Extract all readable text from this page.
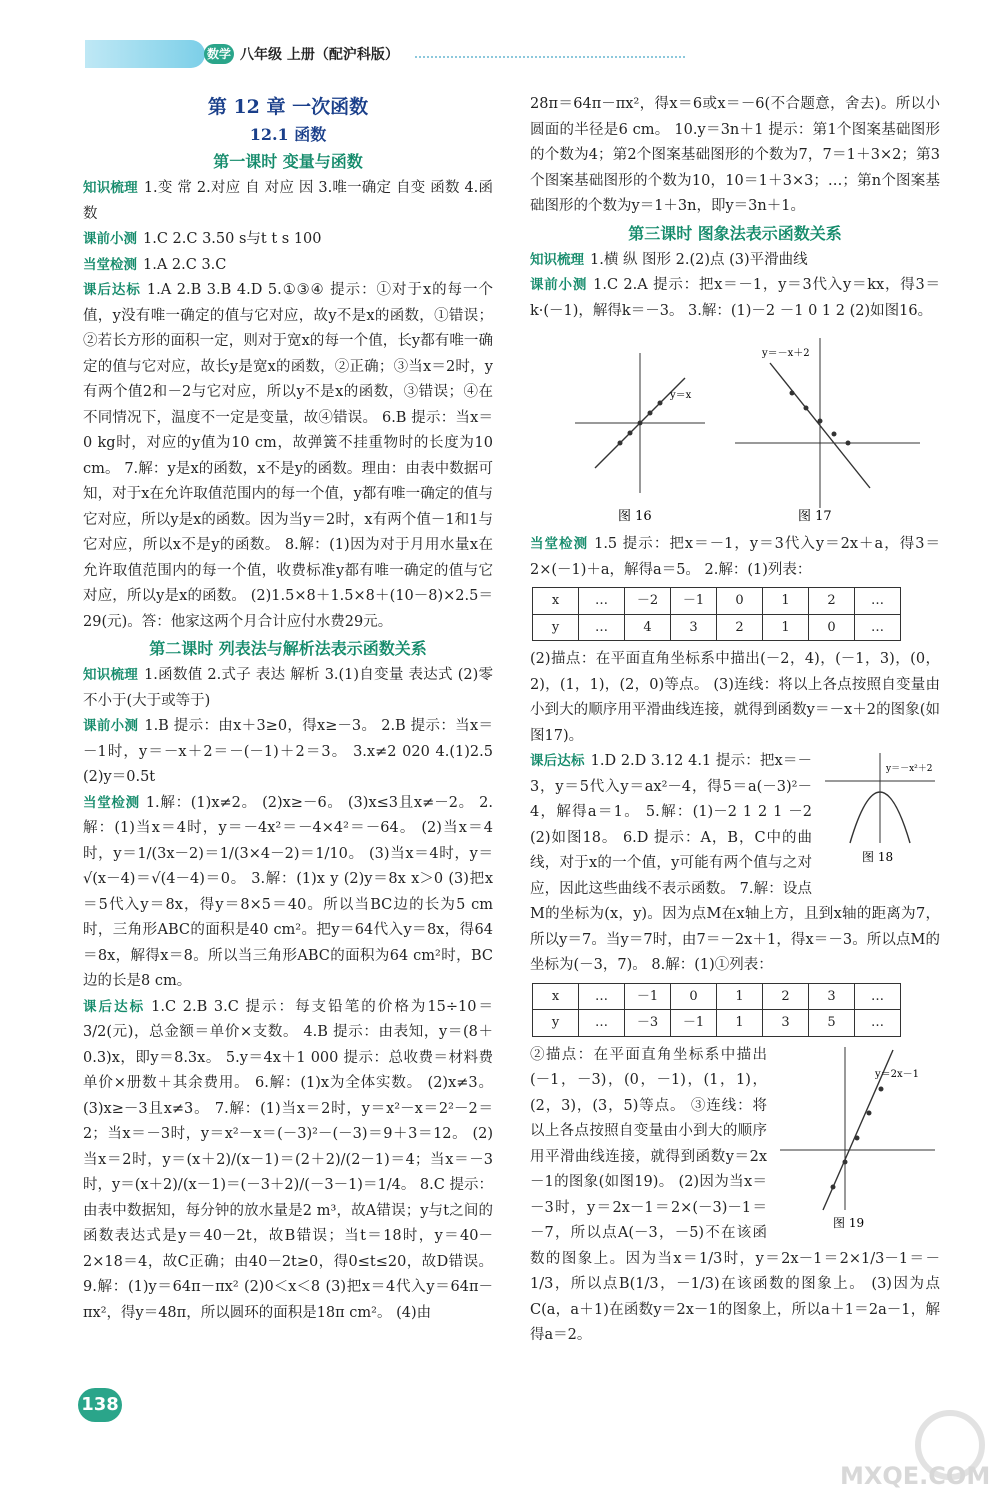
数学 八年级 上册（配沪科版）
第 12 章 一次函数
12.1 函数
第一课时 变量与函数

知识梳理 1.变 常 2.对应 自 对应 因 3.唯一确定 自变 函数 4.函数

课前小测 1.C 2.C 3.50 s与t t s 100

当堂检测 1.A 2.C 3.C

课后达标 1.A 2.B 3.B 4.D 5.①③④ 提示：①对于x的每一个值，y没有唯一确定的值与它对应，故y不是x的函数，①错误；②若长方形的面积一定，则对于宽x的每一个值，长y都有唯一确定的值与它对应，故长y是宽x的函数，②正确；③当x＝2时，y有两个值2和－2与它对应，所以y不是x的函数，③错误；④在不同情况下，温度不一定是变量，故④错误。 6.B 提示：当x＝0 kg时，对应的y值为10 cm，故弹簧不挂重物时的长度为10 cm。 7.解：y是x的函数，x不是y的函数。理由：由表中数据可知，对于x在允许取值范围内的每一个值，y都有唯一确定的值与它对应，所以y是x的函数。因为当y＝2时，x有两个值－1和1与它对应，所以x不是y的函数。 8.解：(1)因为对于月用水量x在允许取值范围内的每一个值，收费标准y都有唯一确定的值与它对应，所以y是x的函数。 (2)1.5×8＋1.5×8＋(10－8)×2.5＝29(元)。答：他家这两个月合计应付水费29元。

第二课时 列表法与解析法表示函数关系

知识梳理 1.函数值 2.式子 表达 解析 3.(1)自变量 表达式 (2)零 不小于(大于或等于)

课前小测 1.B 提示：由x＋3≥0，得x≥－3。 2.B 提示：当x＝－1时，y＝－x＋2＝－(－1)＋2＝3。 3.x≠2 020 4.(1)2.5 (2)y＝0.5t

当堂检测 1.解：(1)x≠2。 (2)x≥－6。 (3)x≤3且x≠－2。 2.解：(1)当x＝4时，y＝－4x²＝－4×4²＝－64。 (2)当x＝4时，y＝1/(3x－2)＝1/(3×4－2)＝1/10。 (3)当x＝4时，y＝√(x－4)＝√(4－4)＝0。 3.解：(1)x y (2)y＝8x x＞0 (3)把x＝5代入y＝8x，得y＝8×5＝40。所以当BC边的长为5 cm时，三角形ABC的面积是40 cm²。把y＝64代入y＝8x，得64＝8x，解得x＝8。所以当三角形ABC的面积为64 cm²时，BC边的长是8 cm。

课后达标 1.C 2.B 3.C 提示：每支铅笔的价格为15÷10＝3/2(元)，总金额＝单价×支数。 4.B 提示：由表知，y＝(8＋0.3)x，即y＝8.3x。 5.y＝4x＋1 000 提示：总收费＝材料费单价×册数＋其余费用。 6.解：(1)x为全体实数。 (2)x≠3。 (3)x≥－3且x≠3。 7.解：(1)当x＝2时，y＝x²－x＝2²－2＝2；当x＝－3时，y＝x²－x＝(－3)²－(－3)＝9＋3＝12。 (2)当x＝2时，y＝(x＋2)/(x－1)＝(2＋2)/(2－1)＝4；当x＝－3时，y＝(x＋2)/(x－1)＝(－3＋2)/(－3－1)＝1/4。 8.C 提示：由表中数据知，每分钟的放水量是2 m³，故A错误；y与t之间的函数表达式是y＝40－2t，故B错误；当t＝18时，y＝40－2×18＝4，故C正确；由40－2t≥0，得0≤t≤20，故D错误。 9.解：(1)y＝64π－πx² (2)0＜x＜8 (3)把x＝4代入y＝64π－πx²，得y＝48π，所以圆环的面积是18π cm²。 (4)由

28π＝64π－πx²，得x＝6或x＝－6(不合题意，舍去)。所以小圆面的半径是6 cm。 10.y＝3n＋1 提示：第1个图案基础图形的个数为4；第2个图案基础图形的个数为7，7＝1＋3×2；第3个图案基础图形的个数为10，10＝1＋3×3；…；第n个图案基础图形的个数为y＝1＋3n，即y＝3n＋1。

第三课时 图象法表示函数关系

知识梳理 1.横 纵 图形 2.(2)点 (3)平滑曲线

课前小测 1.C 2.A 提示：把x＝－1，y＝3代入y＝kx，得3＝k·(－1)，解得k＝－3。 3.解：(1)－2 －1 0 1 2 (2)如图16。

y＝x
图 16
y＝－x＋2
图 17

当堂检测 1.5 提示：把x＝－1，y＝3代入y＝2x＋a，得3＝2×(－1)＋a，解得a＝5。 2.解：(1)列表：

x	…	－2	－1	0	1	2	…
y	…	4	3	2	1	0	…

(2)描点：在平面直角坐标系中描出(－2，4)，(－1，3)，(0，2)，(1，1)，(2，0)等点。 (3)连线：将以上各点按照自变量由小到大的顺序用平滑曲线连接，就得到函数y＝－x＋2的图象(如图17)。

y＝－x²＋2
图 18
课后达标 1.D 2.D 3.12 4.1 提示：把x＝－3，y＝5代入y＝ax²－4，得5＝a(－3)²－4，解得a＝1。 5.解：(1)－2 1 2 1 －2 (2)如图18。 6.D 提示：A，B，C中的曲线，对于x的一个值，y可能有两个值与之对应，因此这些曲线不表示函数。 7.解：设点M的坐标为(x，y)。因为点M在x轴上方，且到x轴的距离为7，所以y＝7。当y＝7时，由7＝－2x＋1，得x＝－3。所以点M的坐标为(－3，7)。 8.解：(1)①列表：

x	…	－1	0	1	2	3	…
y	…	－3	－1	1	3	5	…

y＝2x－1
图 19
②描点：在平面直角坐标系中描出(－1，－3)，(0，－1)，(1，1)，(2，3)，(3，5)等点。 ③连线：将以上各点按照自变量由小到大的顺序用平滑曲线连接，就得到函数y＝2x－1的图象(如图19)。 (2)因为当x＝－3时，y＝2x－1＝2×(－3)－1＝－7，所以点A(－3，－5)不在该函数的图象上。因为当x＝1/3时，y＝2x－1＝2×1/3－1＝－1/3，所以点B(1/3，－1/3)在该函数的图象上。 (3)因为点C(a，a＋1)在函数y＝2x－1的图象上，所以a＋1＝2a－1，解得a＝2。

138
MXQE.COM
